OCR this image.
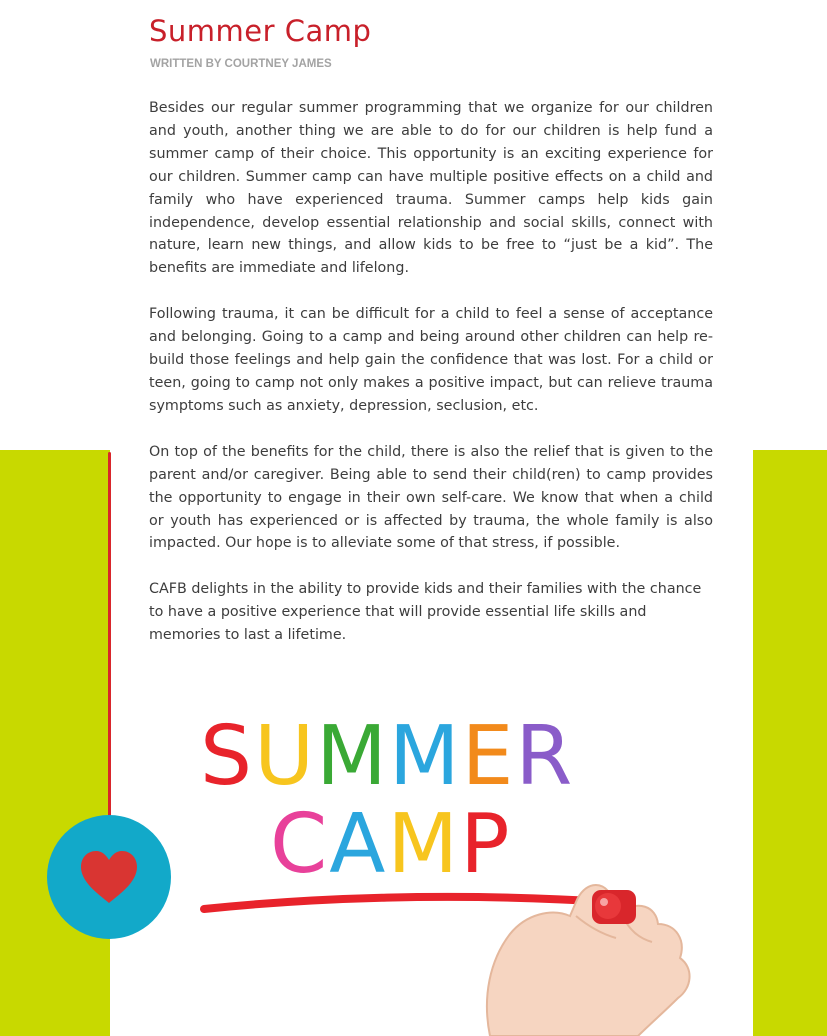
Summer Camp
WRITTEN BY COURTNEY JAMES

Besides our regular summer programming that we organize for our children and youth, another thing we are able to do for our children is help fund a summer camp of their choice. This opportunity is an exciting experience for our children. Summer camp can have multiple positive effects on a child and family who have experienced trauma. Summer camps help kids gain independence, develop essential relationship and social skills, connect with nature, learn new things, and allow kids to be free to “just be a kid”. The benefits are immediate and lifelong.

Following trauma, it can be difficult for a child to feel a sense of acceptance and belonging. Going to a camp and being around other children can help re-build those feelings and help gain the confidence that was lost. For a child or teen, going to camp not only makes a positive impact, but can relieve trauma symptoms such as anxiety, depression, seclusion, etc.

On top of the benefits for the child, there is also the relief that is given to the parent and/or caregiver. Being able to send their child(ren) to camp provides the opportunity to engage in their own self-care. We know that when a child or youth has experienced or is affected by trauma, the whole family is also impacted. Our hope is to alleviate some of that stress, if possible.

CAFB delights in the ability to provide kids and their families with the chance to have a positive experience that will provide essential life skills and memories to last a lifetime.

SUMMER
CAMP
